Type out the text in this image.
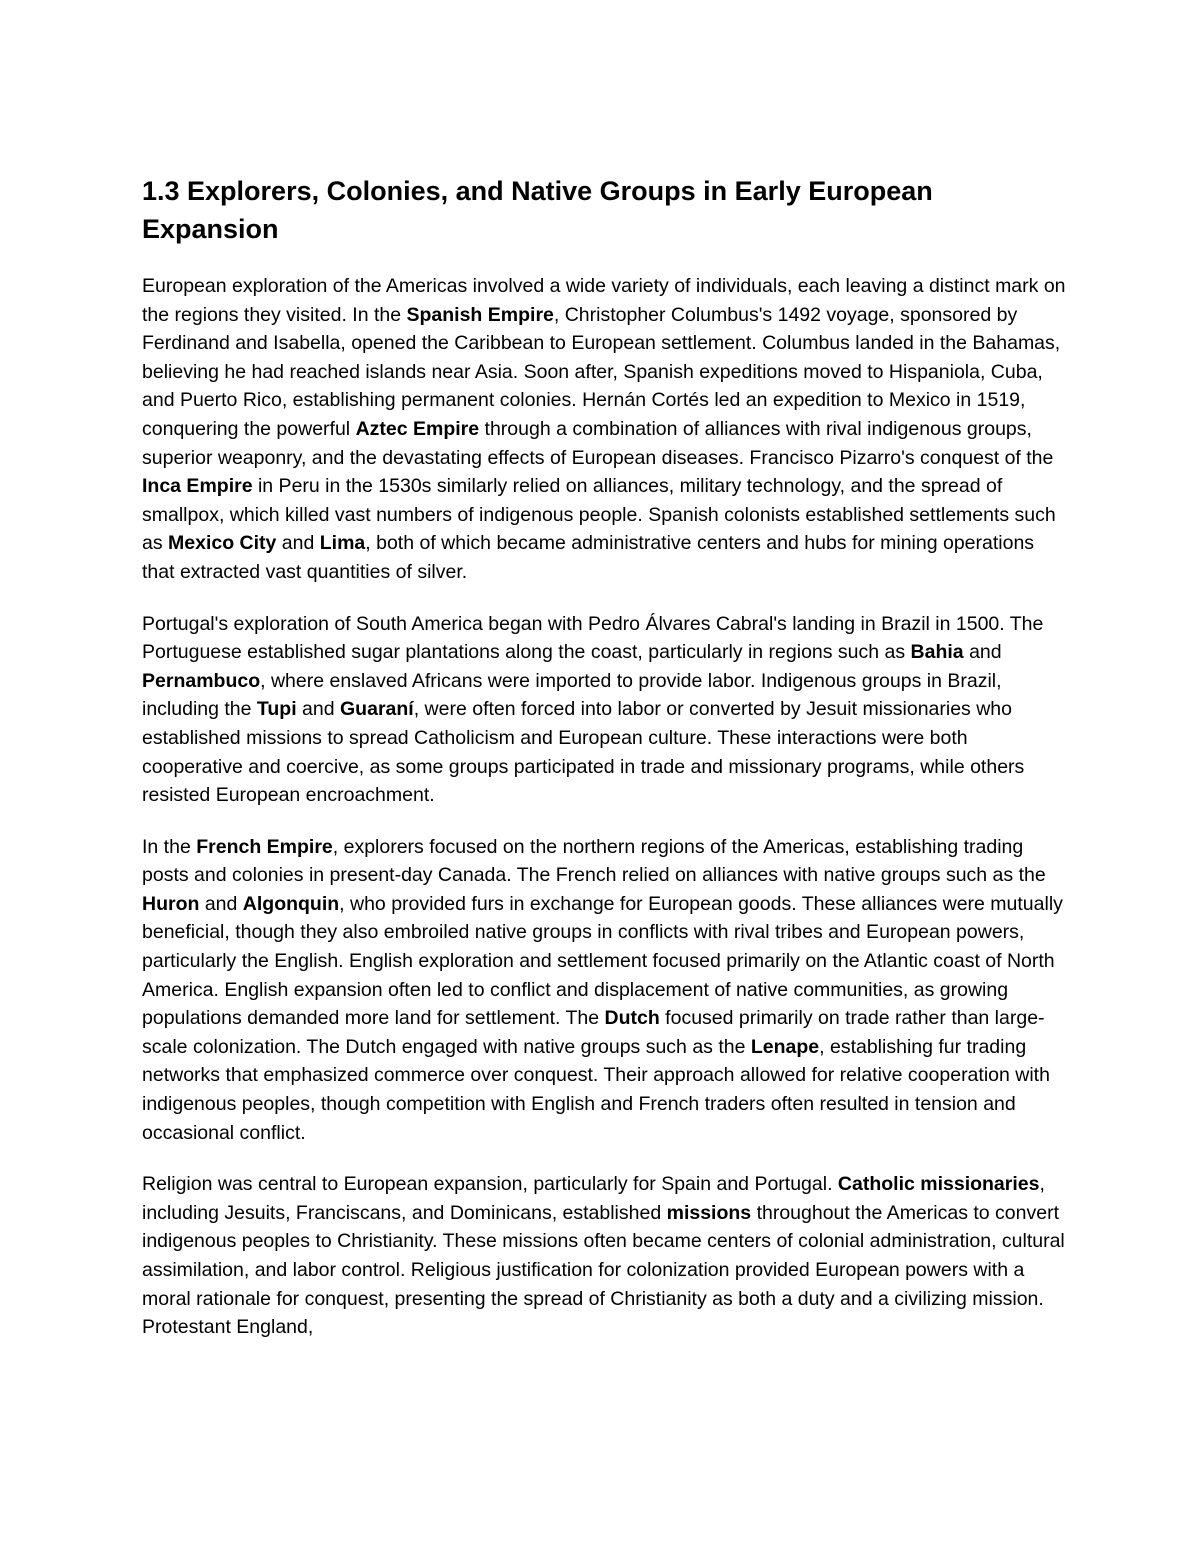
1.3 Explorers, Colonies, and Native Groups in Early European Expansion

European exploration of the Americas involved a wide variety of individuals, each leaving a distinct mark on the regions they visited. In the Spanish Empire, Christopher Columbus's 1492 voyage, sponsored by Ferdinand and Isabella, opened the Caribbean to European settlement. Columbus landed in the Bahamas, believing he had reached islands near Asia. Soon after, Spanish expeditions moved to Hispaniola, Cuba, and Puerto Rico, establishing permanent colonies. Hernán Cortés led an expedition to Mexico in 1519, conquering the powerful Aztec Empire through a combination of alliances with rival indigenous groups, superior weaponry, and the devastating effects of European diseases. Francisco Pizarro's conquest of the Inca Empire in Peru in the 1530s similarly relied on alliances, military technology, and the spread of smallpox, which killed vast numbers of indigenous people. Spanish colonists established settlements such as Mexico City and Lima, both of which became administrative centers and hubs for mining operations that extracted vast quantities of silver.

Portugal's exploration of South America began with Pedro Álvares Cabral's landing in Brazil in 1500. The Portuguese established sugar plantations along the coast, particularly in regions such as Bahia and Pernambuco, where enslaved Africans were imported to provide labor. Indigenous groups in Brazil, including the Tupi and Guaraní, were often forced into labor or converted by Jesuit missionaries who established missions to spread Catholicism and European culture. These interactions were both cooperative and coercive, as some groups participated in trade and missionary programs, while others resisted European encroachment.

In the French Empire, explorers focused on the northern regions of the Americas, establishing trading posts and colonies in present-day Canada. The French relied on alliances with native groups such as the Huron and Algonquin, who provided furs in exchange for European goods. These alliances were mutually beneficial, though they also embroiled native groups in conflicts with rival tribes and European powers, particularly the English. English exploration and settlement focused primarily on the Atlantic coast of North America. English expansion often led to conflict and displacement of native communities, as growing populations demanded more land for settlement. The Dutch focused primarily on trade rather than large-scale colonization. The Dutch engaged with native groups such as the Lenape, establishing fur trading networks that emphasized commerce over conquest. Their approach allowed for relative cooperation with indigenous peoples, though competition with English and French traders often resulted in tension and occasional conflict.

Religion was central to European expansion, particularly for Spain and Portugal. Catholic missionaries, including Jesuits, Franciscans, and Dominicans, established missions throughout the Americas to convert indigenous peoples to Christianity. These missions often became centers of colonial administration, cultural assimilation, and labor control. Religious justification for colonization provided European powers with a moral rationale for conquest, presenting the spread of Christianity as both a duty and a civilizing mission. Protestant England,
